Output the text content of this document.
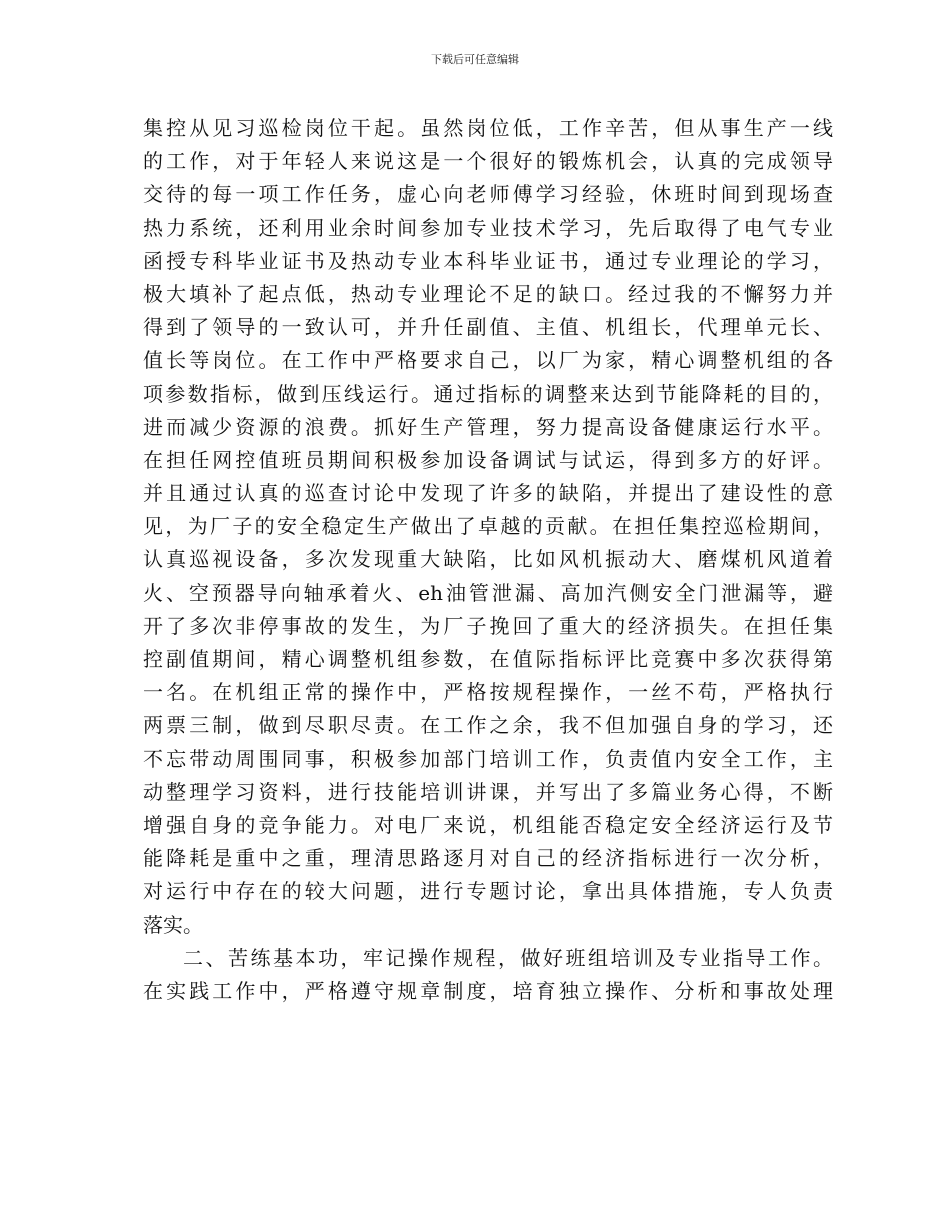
下载后可任意编辑
集控从见习巡检岗位干起。虽然岗位低，工作辛苦，但从事生产一线
的工作，对于年轻人来说这是一个很好的锻炼机会，认真的完成领导
交待的每一项工作任务，虚心向老师傅学习经验，休班时间到现场查
热力系统，还利用业余时间参加专业技术学习，先后取得了电气专业
函授专科毕业证书及热动专业本科毕业证书，通过专业理论的学习，
极大填补了起点低，热动专业理论不足的缺口。经过我的不懈努力并
得到了领导的一致认可，并升任副值、主值、机组长，代理单元长、
值长等岗位。在工作中严格要求自己，以厂为家，精心调整机组的各
项参数指标，做到压线运行。通过指标的调整来达到节能降耗的目的，
进而减少资源的浪费。抓好生产管理，努力提高设备健康运行水平。
在担任网控值班员期间积极参加设备调试与试运，得到多方的好评。
并且通过认真的巡查讨论中发现了许多的缺陷，并提出了建设性的意
见，为厂子的安全稳定生产做出了卓越的贡献。在担任集控巡检期间，
认真巡视设备，多次发现重大缺陷，比如风机振动大、磨煤机风道着
火、空预器导向轴承着火、eh油管泄漏、高加汽侧安全门泄漏等，避
开了多次非停事故的发生，为厂子挽回了重大的经济损失。在担任集
控副值期间，精心调整机组参数，在值际指标评比竞赛中多次获得第
一名。在机组正常的操作中，严格按规程操作，一丝不苟，严格执行
两票三制，做到尽职尽责。在工作之余，我不但加强自身的学习，还
不忘带动周围同事，积极参加部门培训工作，负责值内安全工作，主
动整理学习资料，进行技能培训讲课，并写出了多篇业务心得，不断
增强自身的竞争能力。对电厂来说，机组能否稳定安全经济运行及节
能降耗是重中之重，理清思路逐月对自己的经济指标进行一次分析，
对运行中存在的较大问题，进行专题讨论，拿出具体措施，专人负责
落实。
二、苦练基本功，牢记操作规程，做好班组培训及专业指导工作。
在实践工作中，严格遵守规章制度，培育独立操作、分析和事故处理
